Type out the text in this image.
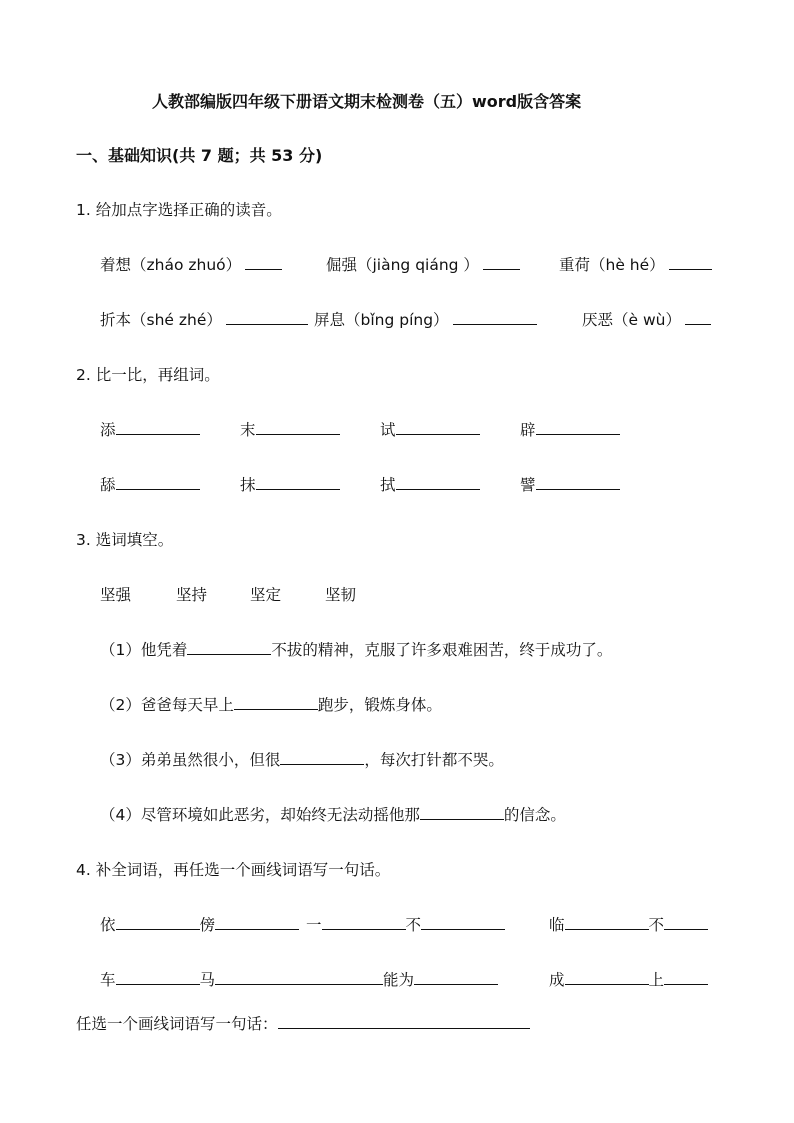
人教部编版四年级下册语文期末检测卷（五）word版含答案
一、基础知识(共 7 题；共 53 分)
1. 给加点字选择正确的读音。
着想（zháo zhuó）	倔强（jiàng qiáng ）	重荷（hè hé）
折本（shé zhé）	屏息（bǐng píng）	厌恶（è wù）
2. 比一比，再组词。
添	末	试	辟
舔	抹	拭	譬
3. 选词填空。
坚强	坚持	坚定	坚韧
（1）他凭着	不拔的精神，克服了许多艰难困苦，终于成功了。
（2）爸爸每天早上	跑步，锻炼身体。
（3）弟弟虽然很小，但很	，每次打针都不哭。
（4）尽管环境如此恶劣，却始终无法动摇他那	的信念。
4. 补全词语，再任选一个画线词语写一句话。
依	傍	一	不	临	不
车	马	能为	成	上
任选一个画线词语写一句话：
